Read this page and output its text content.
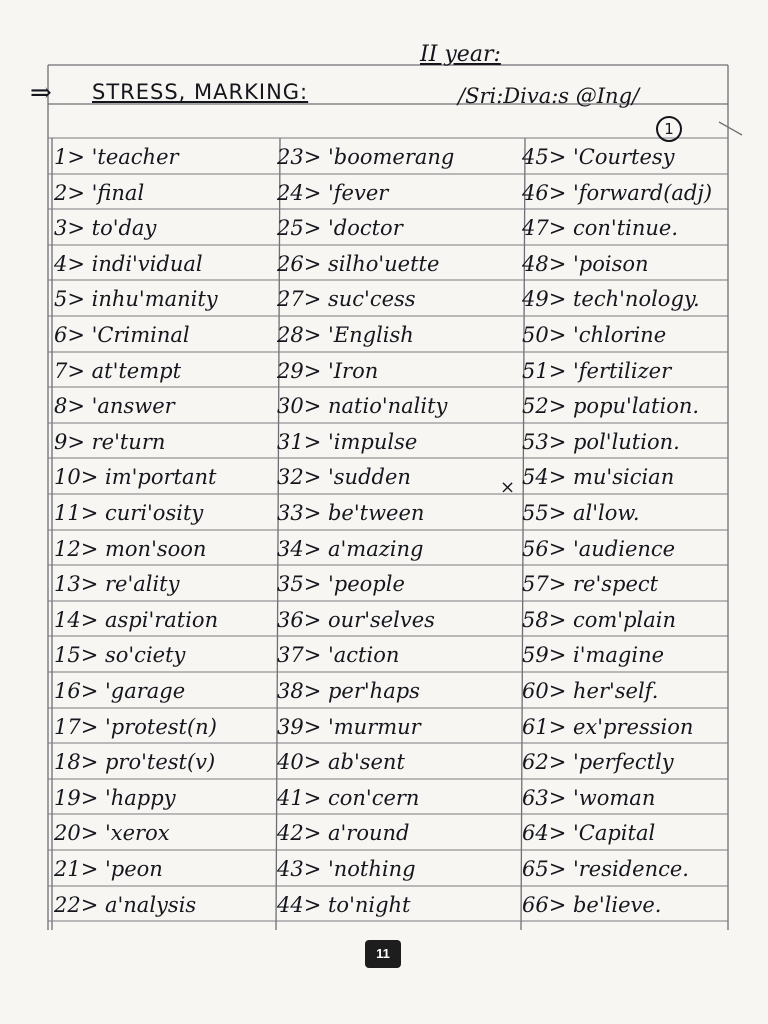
II year:
⇒ STRESS, MARKING:	/Sri:Diva:s @Ing/
1
1> 'teacher
2> 'final
3> to'day
4> indi'vidual
5> inhu'manity
6> 'Criminal
7> at'tempt
8> 'answer
9> re'turn
10> im'portant
11> curi'osity
12> mon'soon
13> re'ality
14> aspi'ration
15> so'ciety
16> 'garage
17> 'protest(n)
18> pro'test(v)
19> 'happy
20> 'xerox
21> 'peon
22> a'nalysis
23> 'boomerang
24> 'fever
25> 'doctor
26> silho'uette
27> suc'cess
28> 'English
29> 'Iron
30> natio'nality
31> 'impulse
32> 'sudden
33> be'tween
34> a'mazing
35> 'people
36> our'selves
37> 'action
38> per'haps
39> 'murmur
40> ab'sent
41> con'cern
42> a'round
43> 'nothing
44> to'night
45> 'Courtesy
46> 'forward(adj)
47> con'tinue.
48> 'poison
49> tech'nology.
50> 'chlorine
51> 'fertilizer
52> popu'lation.
53> pol'lution.
54> mu'sician
55> al'low.
56> 'audience
57> re'spect
58> com'plain
59> i'magine
60> her'self.
61> ex'pression
62> 'perfectly
63> 'woman
64> 'Capital
65> 'residence.
66> be'lieve.
×
11
